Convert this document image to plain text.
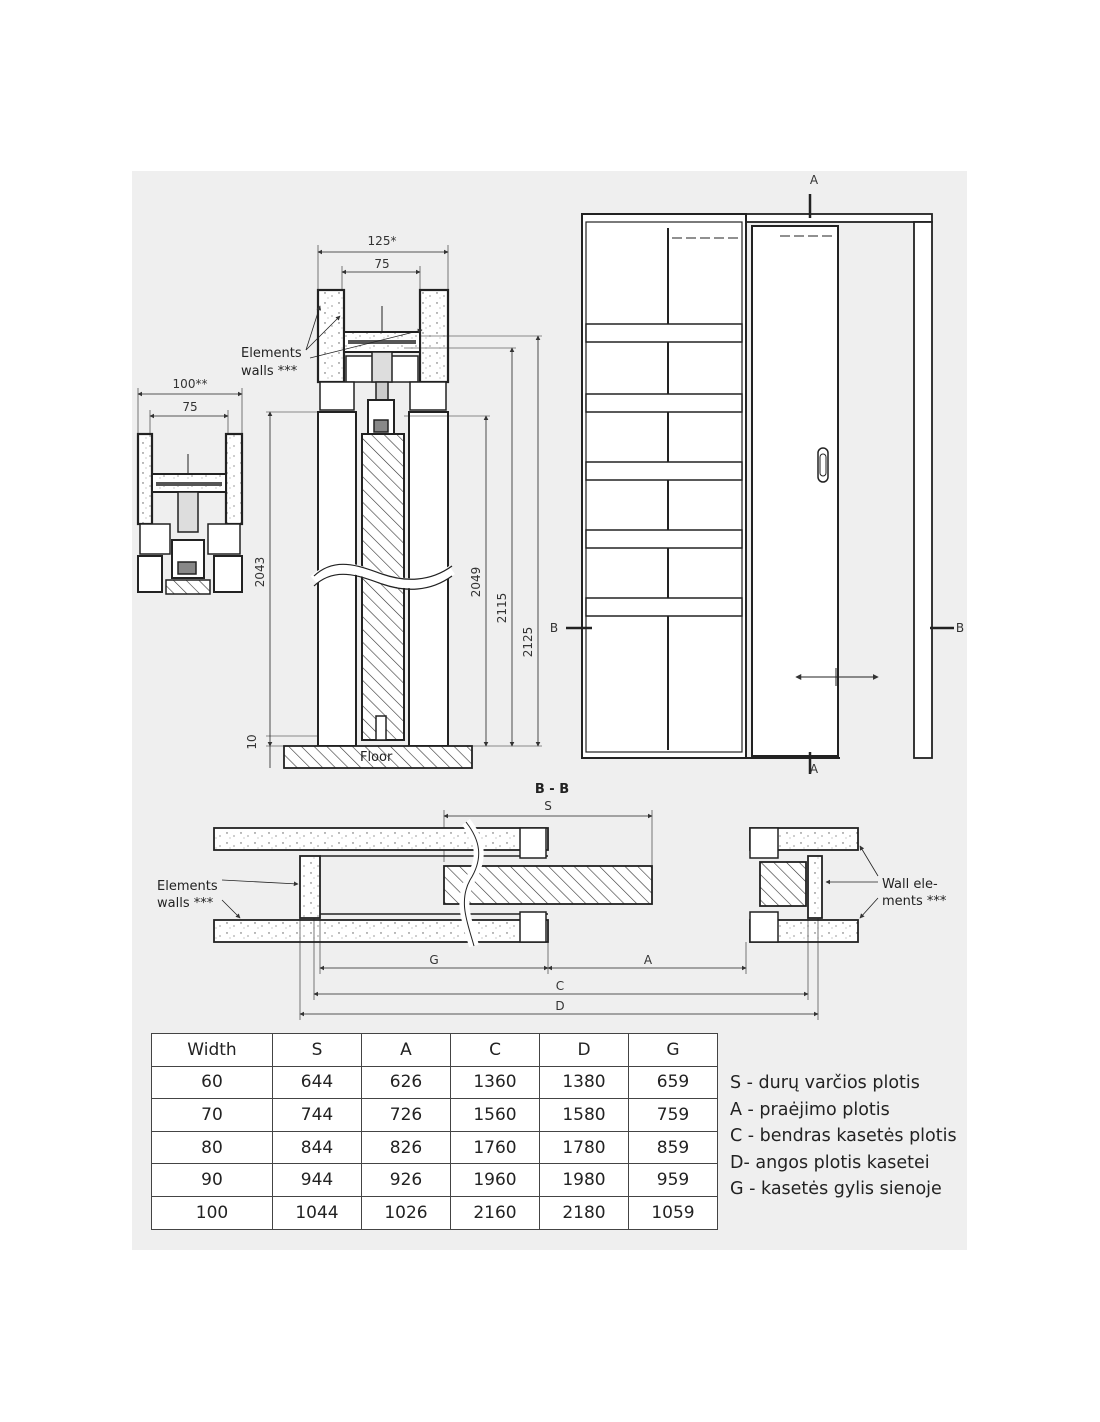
125*
75
Elements
walls ***
2043	2049
2115
2125
10
Floor
100**
75
A
A
B	B
B - B
S
G	A
C
D
Elements
walls ***
Wall ele-
ments ***
Width	S	A	C	D	G
60	644	626	1360	1380	659
70	744	726	1560	1580	759
80	844	826	1760	1780	859
90	944	926	1960	1980	959
100	1044	1026	2160	2180	1059
S - durų varčios plotis
A - praėjimo plotis
C - bendras kasetės plotis
D- angos plotis kasetei
G - kasetės gylis sienoje
